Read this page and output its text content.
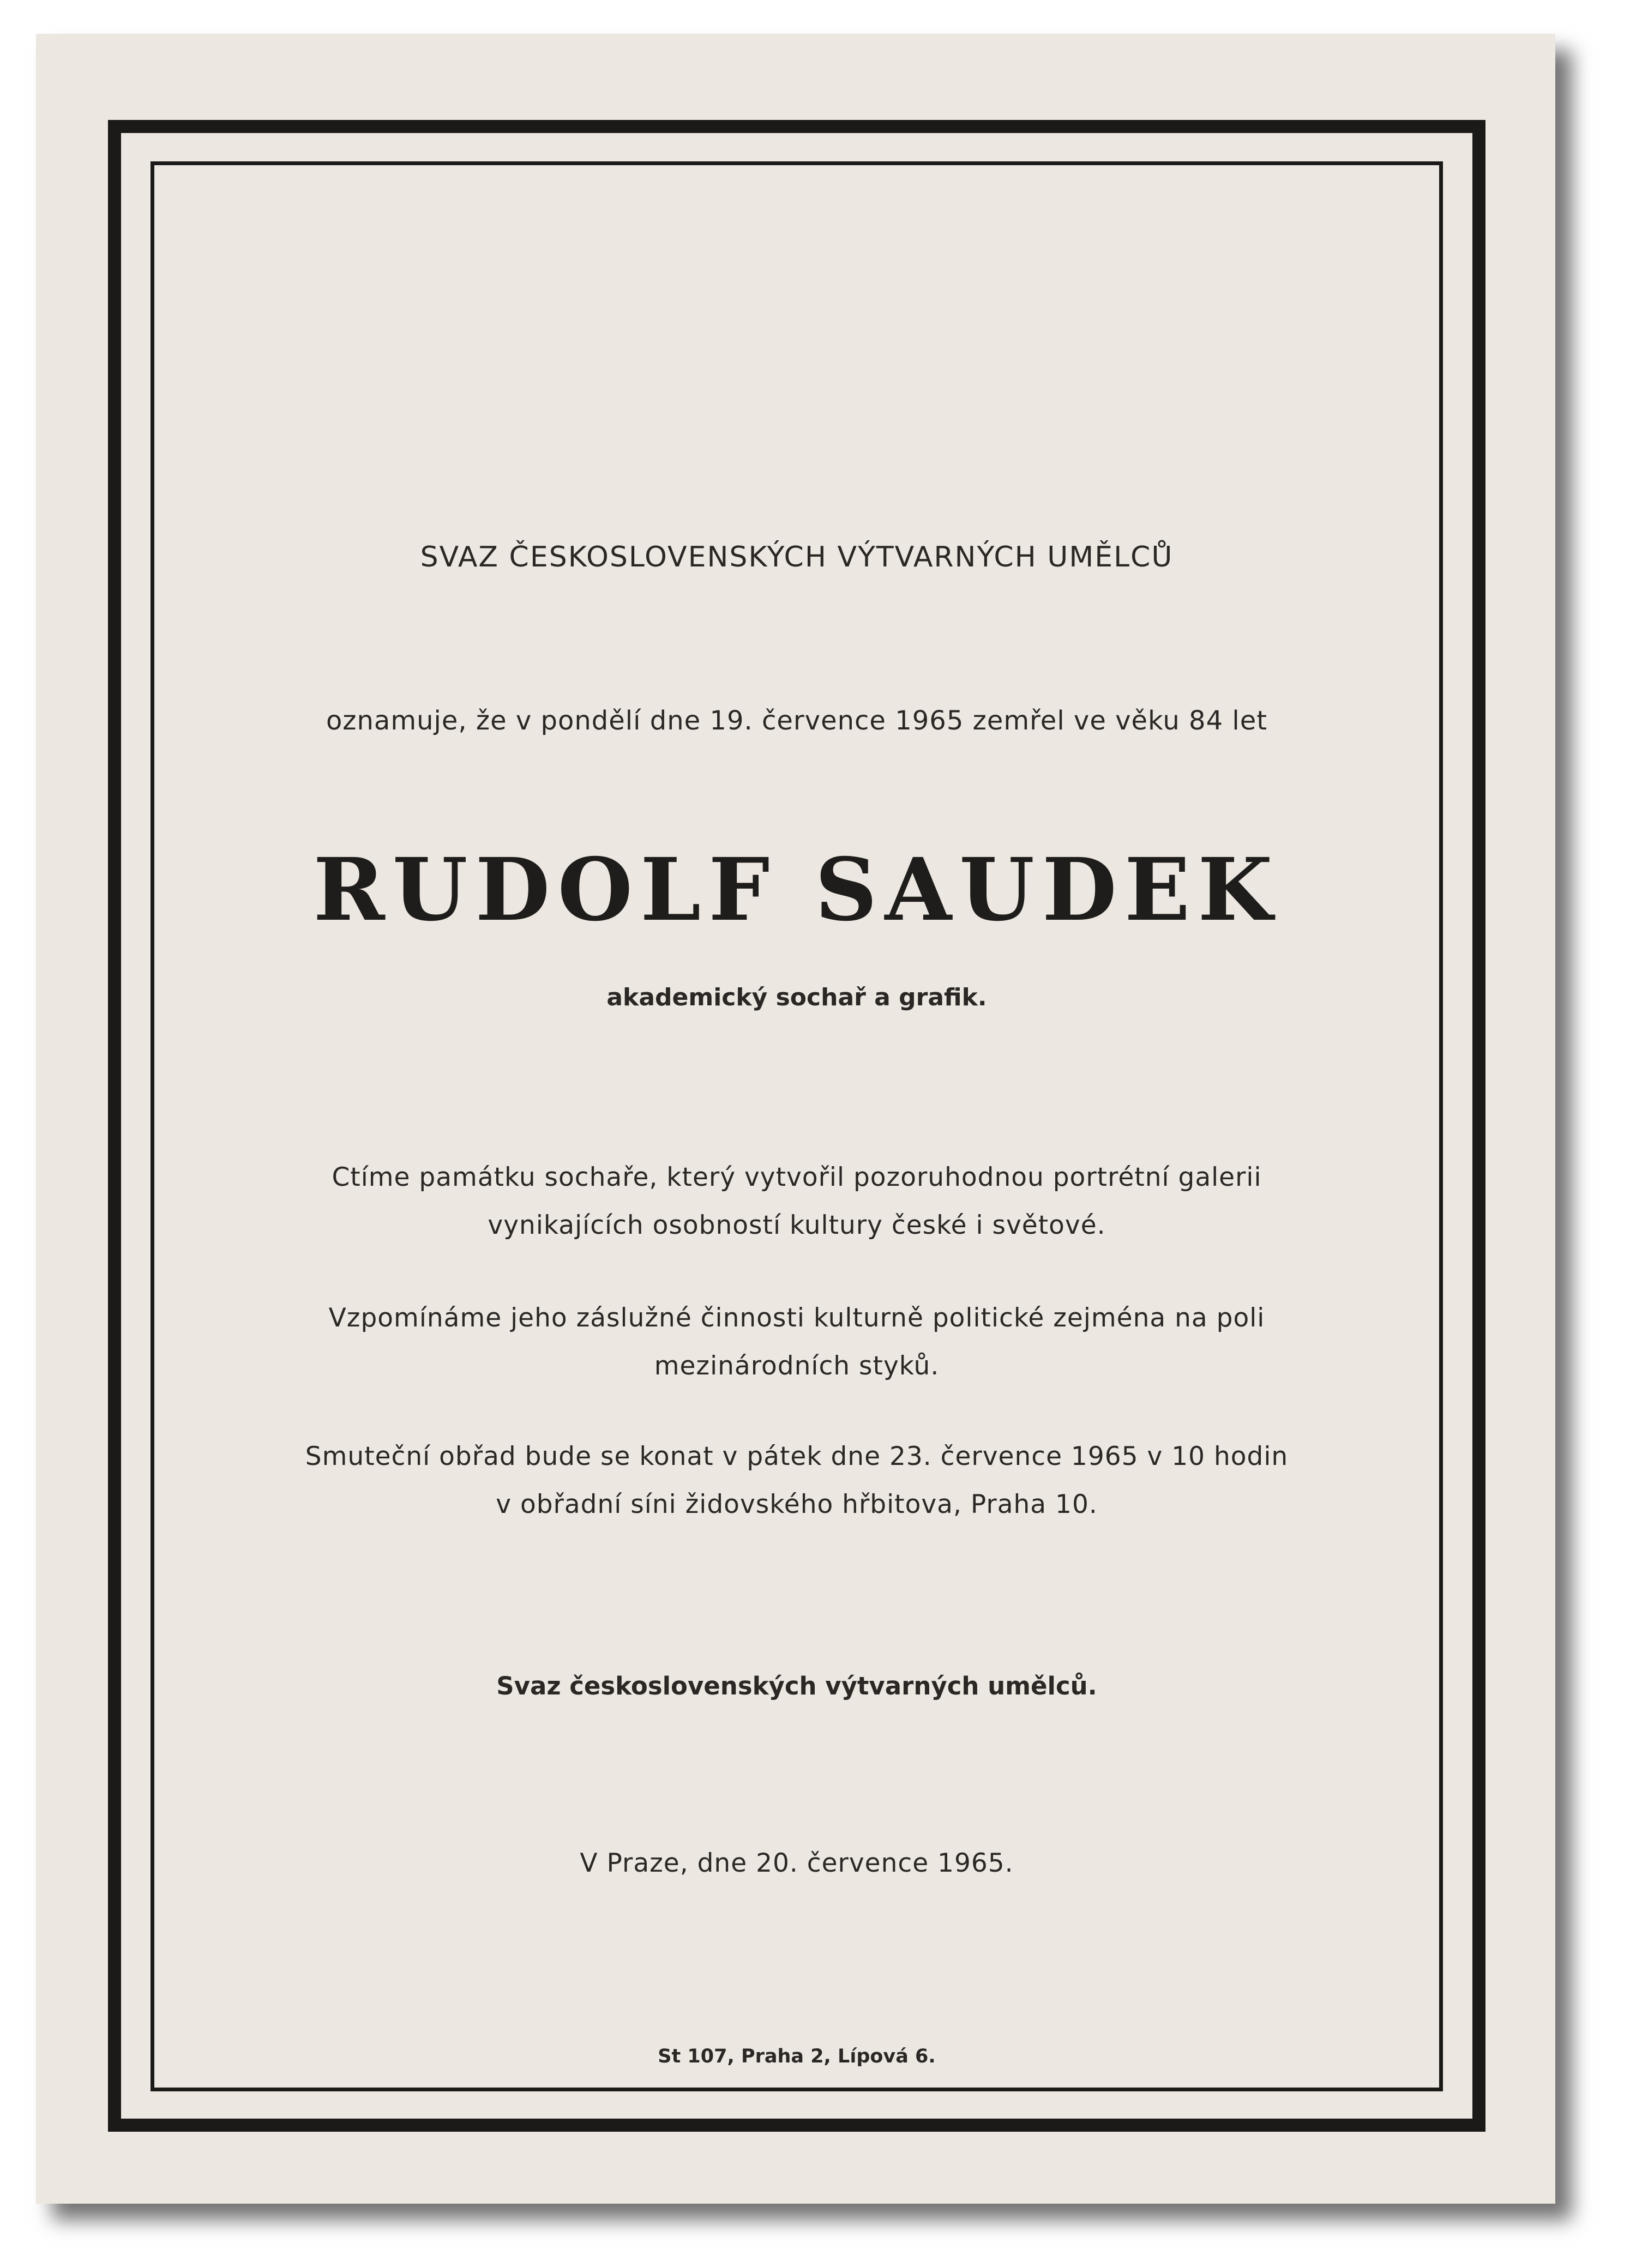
SVAZ ČESKOSLOVENSKÝCH VÝTVARNÝCH UMĚLCŮ
oznamuje, že v pondělí dne 19. července 1965 zemřel ve věku 84 let
RUDOLF SAUDEK
akademický sochař a grafik.
Ctíme památku sochaře, který vytvořil pozoruhodnou portrétní galerii
vynikajících osobností kultury české i světové.
Vzpomínáme jeho záslužné činnosti kulturně politické zejména na poli
mezinárodních styků.
Smuteční obřad bude se konat v pátek dne 23. července 1965 v 10 hodin
v obřadní síni židovského hřbitova, Praha 10.
Svaz československých výtvarných umělců.
V Praze, dne 20. července 1965.
St 107, Praha 2, Lípová 6.
